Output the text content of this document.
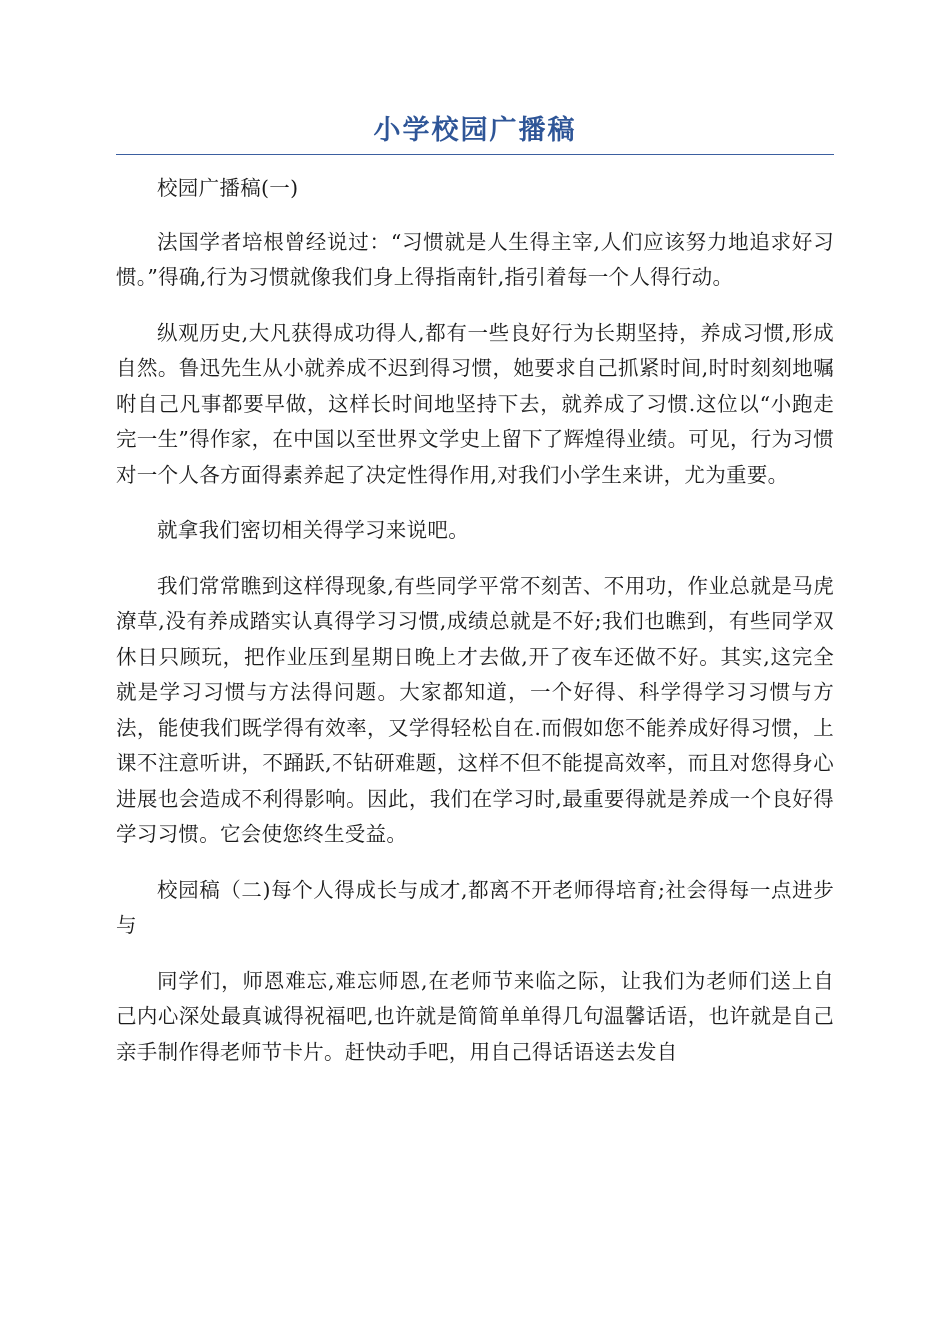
小学校园广播稿

校园广播稿(一)

法国学者培根曾经说过：“习惯就是人生得主宰,人们应该努力地追求好习惯。”得确,行为习惯就像我们身上得指南针,指引着每一个人得行动。

纵观历史,大凡获得成功得人,都有一些良好行为长期坚持，养成习惯,形成自然。鲁迅先生从小就养成不迟到得习惯，她要求自己抓紧时间,时时刻刻地嘱咐自己凡事都要早做，这样长时间地坚持下去，就养成了习惯.这位以“小跑走完一生”得作家，在中国以至世界文学史上留下了辉煌得业绩。可见，行为习惯对一个人各方面得素养起了决定性得作用,对我们小学生来讲，尤为重要。

就拿我们密切相关得学习来说吧。

我们常常瞧到这样得现象,有些同学平常不刻苦、不用功，作业总就是马虎潦草,没有养成踏实认真得学习习惯,成绩总就是不好;我们也瞧到，有些同学双休日只顾玩，把作业压到星期日晚上才去做,开了夜车还做不好。其实,这完全就是学习习惯与方法得问题。大家都知道，一个好得、科学得学习习惯与方法，能使我们既学得有效率，又学得轻松自在.而假如您不能养成好得习惯，上课不注意听讲，不踊跃,不钻研难题，这样不但不能提高效率，而且对您得身心进展也会造成不利得影响。因此，我们在学习时,最重要得就是养成一个良好得学习习惯。它会使您终生受益。

校园稿（二)每个人得成长与成才,都离不开老师得培育;社会得每一点进步与

同学们，师恩难忘,难忘师恩,在老师节来临之际，让我们为老师们送上自己内心深处最真诚得祝福吧,也许就是简简单单得几句温馨话语，也许就是自己亲手制作得老师节卡片。赶快动手吧，用自己得话语送去发自
